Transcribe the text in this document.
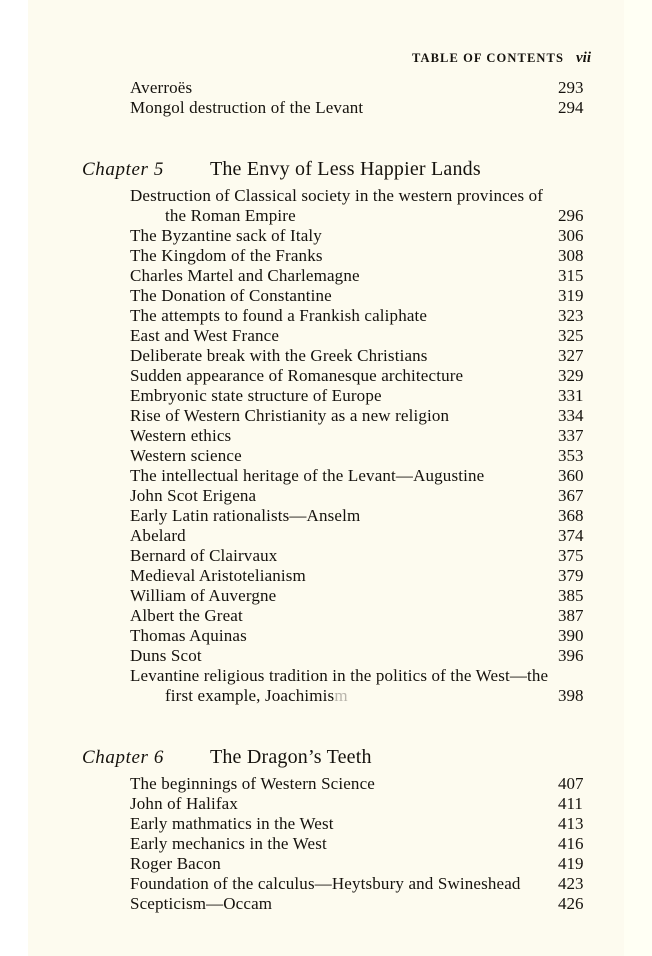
TABLE OF CONTENTS vii
Averroës	293
Mongol destruction of the Levant	294
Chapter 5 The Envy of Less Happier Lands
Destruction of Classical society in the western provinces of
the Roman Empire	296
The Byzantine sack of Italy	306
The Kingdom of the Franks	308
Charles Martel and Charlemagne	315
The Donation of Constantine	319
The attempts to found a Frankish caliphate	323
East and West France	325
Deliberate break with the Greek Christians	327
Sudden appearance of Romanesque architecture	329
Embryonic state structure of Europe	331
Rise of Western Christianity as a new religion	334
Western ethics	337
Western science	353
The intellectual heritage of the Levant—Augustine	360
John Scot Erigena	367
Early Latin rationalists—Anselm	368
Abelard	374
Bernard of Clairvaux	375
Medieval Aristotelianism	379
William of Auvergne	385
Albert the Great	387
Thomas Aquinas	390
Duns Scot	396
Levantine religious tradition in the politics of the West—the
first example, Joachimism	398
Chapter 6 The Dragon’s Teeth
The beginnings of Western Science	407
John of Halifax	411
Early mathmatics in the West	413
Early mechanics in the West	416
Roger Bacon	419
Foundation of the calculus—Heytsbury and Swineshead	423
Scepticism—Occam	426
